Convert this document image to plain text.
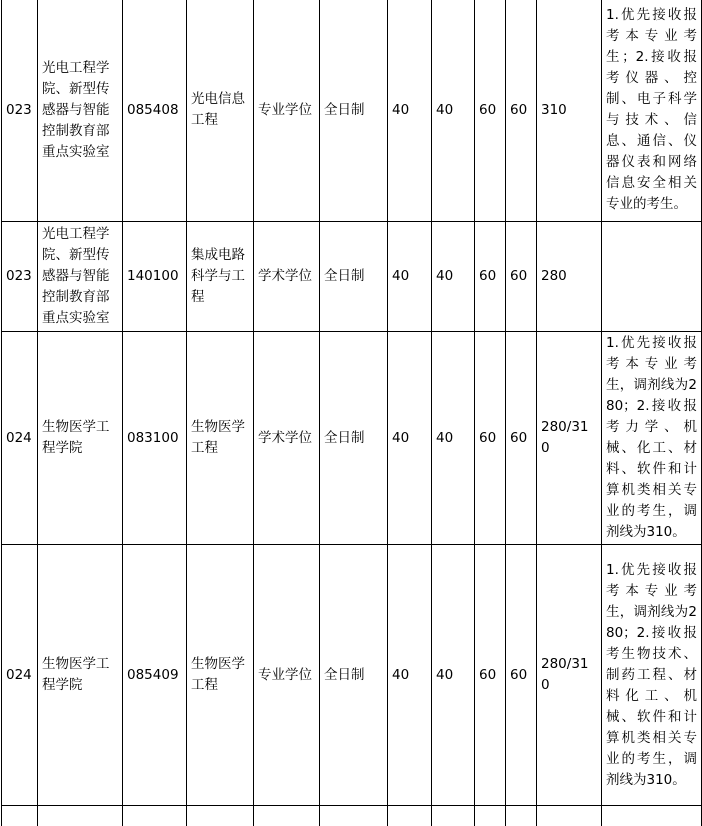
023	光电工程学院、新型传感器与智能控制教育部重点实验室	085408	光电信息工程	专业学位	全日制	40	40	60	60	310	1.优先接收报考本专业考生；2.接收报考仪器、控制、电子科学与技术、信息、通信、仪器仪表和网络信息安全相关专业的考生。
023	光电工程学院、新型传感器与智能控制教育部重点实验室	140100	集成电路科学与工程	学术学位	全日制	40	40	60	60	280	
024	生物医学工程学院	083100	生物医学工程	学术学位	全日制	40	40	60	60	280/310	1.优先接收报考本专业考生，调剂线为280；2.接收报考力学、机械、化工、材料、软件和计算机类相关专业的考生，调剂线为310。
024	生物医学工程学院	085409	生物医学工程	专业学位	全日制	40	40	60	60	280/310	1.优先接收报考本专业考生，调剂线为280；2.接收报考生物技术、制药工程、材料化工、机械、软件和计算机类相关专业的考生，调剂线为310。
